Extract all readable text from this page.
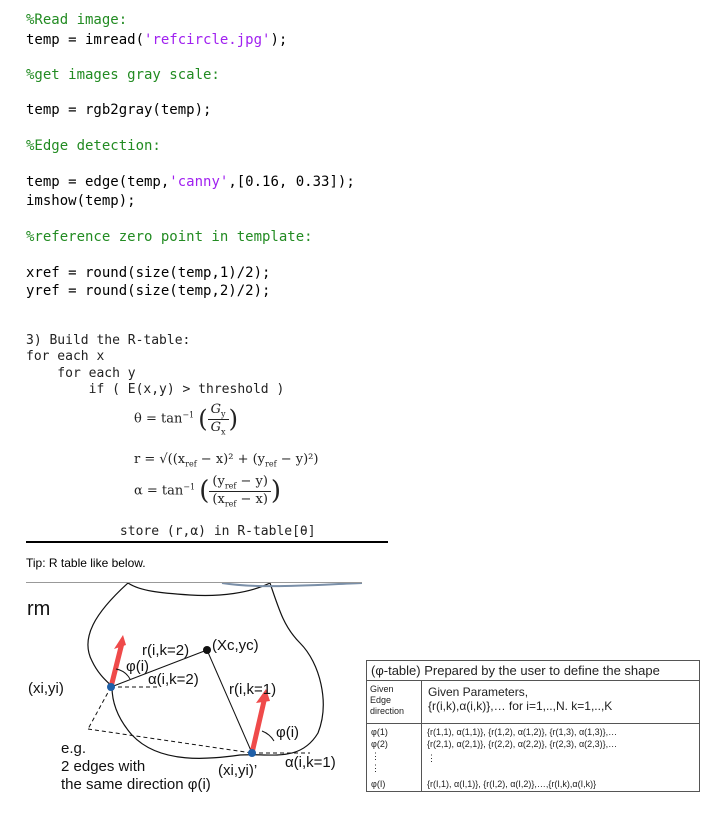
%Read image:
temp = imread('refcircle.jpg');
%get images gray scale:
temp = rgb2gray(temp);
%Edge detection:
temp = edge(temp,'canny',[0.16, 0.33]);
imshow(temp);
%reference zero point in template:
xref = round(size(temp,1)/2);
yref = round(size(temp,2)/2);
3) Build the R-table:
for each x
for each y
if ( E(x,y) > threshold )
$\theta = \tan^{-1}$ ( $\frac{G_y}{G_x}$ )
$r = √((x_{ref} - x)^2 + (y_{ref} - y)^2)$
$\alpha = \tan^{-1}$ ( $\frac{(y_{ref} - y)}{(x_{ref} - x)}$ )
store (r,α) in R-table[θ]
Tip: R table like below.
rm
(Xc,yc)
r(i,k=2)
φ(i)
α(i,k=2)
(xi,yi)	r(i,k=1)
φ(i)
e.g.
2 edges with
the same direction φ(i)
(xi,yi)’ α(i,k=1)
(φ-table) Prepared by the user to define the shape
Given
Edge
direction
Given Parameters,
{r(i,k),α(i,k)},… for i=1,..,N. k=1,..,K
φ(1)	{r(1,1), α(1,1)}, {r(1,2), α(1,2)}, {r(1,3), α(1,3)},…
φ(2)	{r(2,1), α(2,1)}, {r(2,2), α(2,2)}, {r(2,3), α(2,3)},…
⋮
⋮
⋮
φ(I)	{r(I,1), α(I,1)}, {r(I,2), α(I,2)},…,{r(I,k),α(I,k)}
